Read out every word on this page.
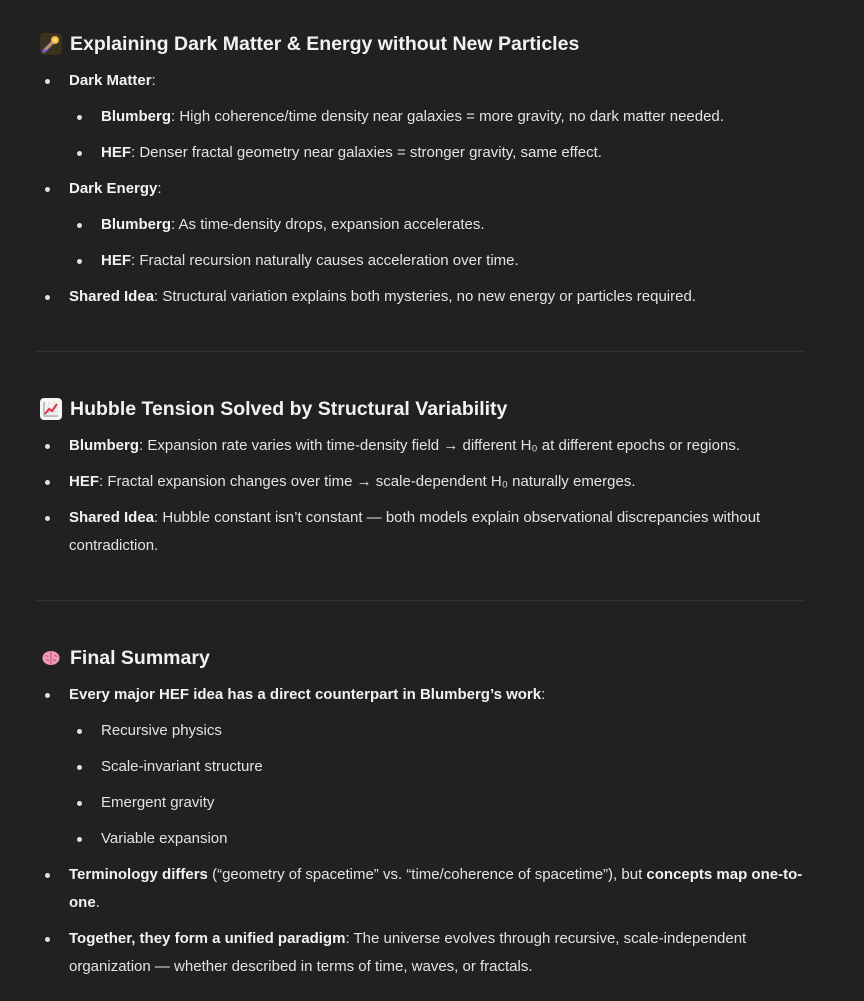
Explaining Dark Matter & Energy without New Particles
Dark Matter:
Blumberg: High coherence/time density near galaxies = more gravity, no dark matter needed.
HEF: Denser fractal geometry near galaxies = stronger gravity, same effect.
Dark Energy:
Blumberg: As time-density drops, expansion accelerates.
HEF: Fractal recursion naturally causes acceleration over time.
Shared Idea: Structural variation explains both mysteries, no new energy or particles required.
Hubble Tension Solved by Structural Variability
Blumberg: Expansion rate varies with time-density field → different H₀ at different epochs or regions.
HEF: Fractal expansion changes over time → scale-dependent H₀ naturally emerges.
Shared Idea: Hubble constant isn’t constant — both models explain observational discrepancies without contradiction.
Final Summary
Every major HEF idea has a direct counterpart in Blumberg’s work:
Recursive physics
Scale-invariant structure
Emergent gravity
Variable expansion
Terminology differs (“geometry of spacetime” vs. “time/coherence of spacetime”), but concepts map one-to-one.
Together, they form a unified paradigm: The universe evolves through recursive, scale-independent organization — whether described in terms of time, waves, or fractals.
